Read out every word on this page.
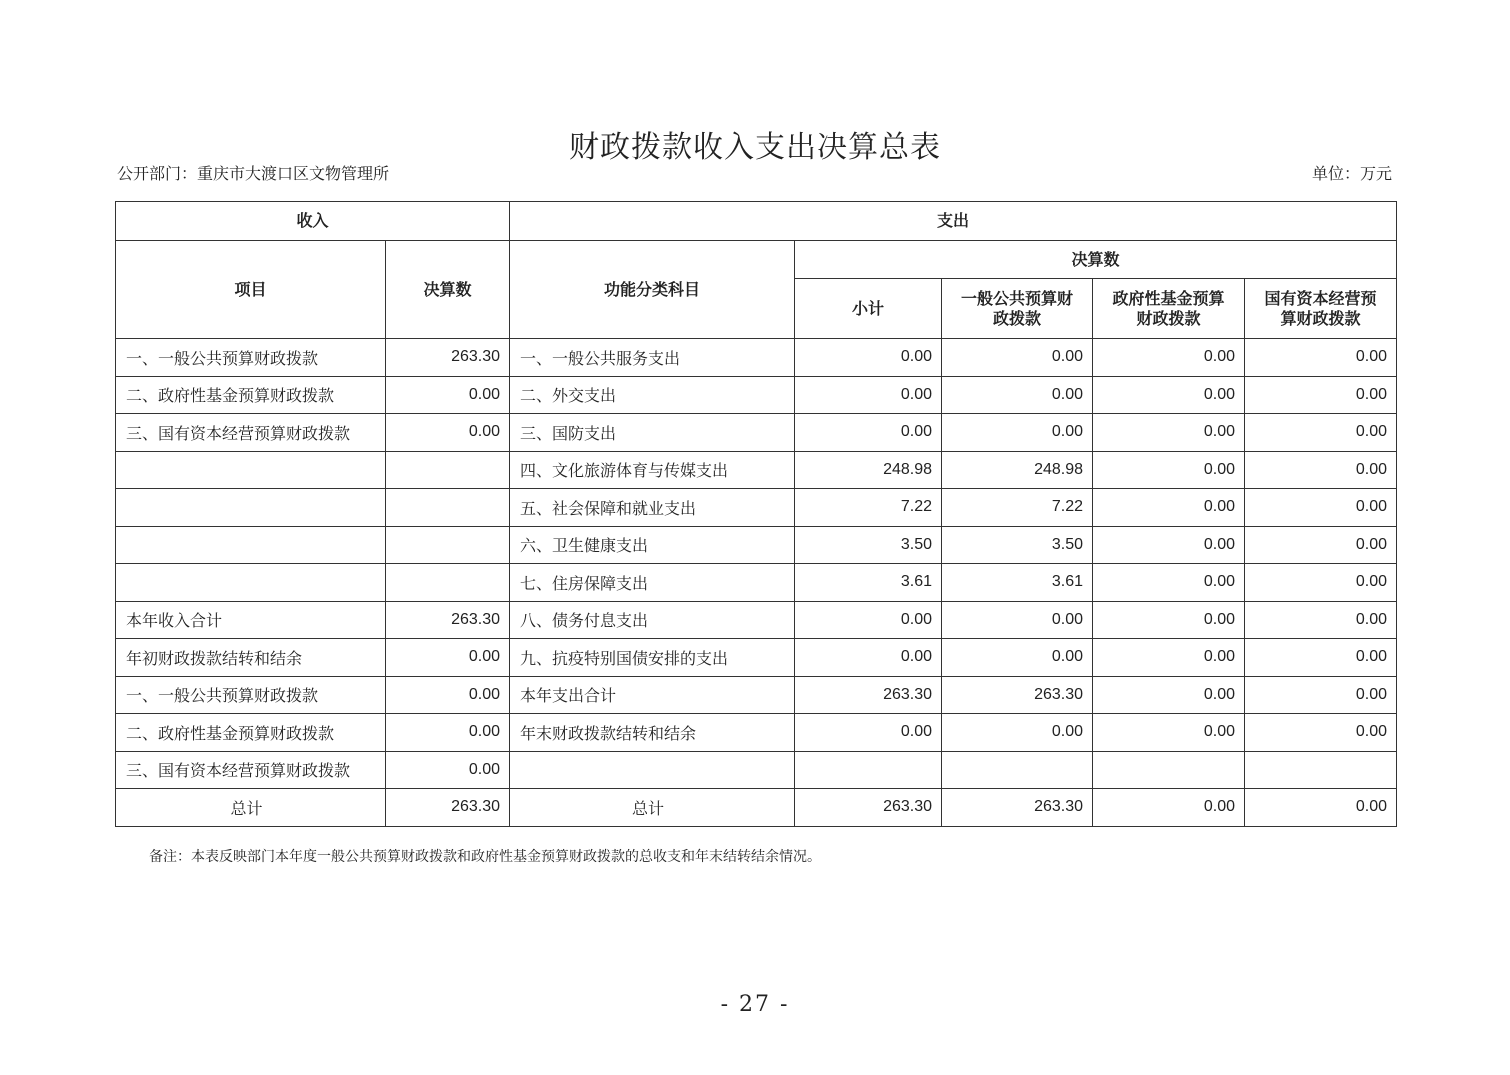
财政拨款收入支出决算总表
公开部门：重庆市大渡口区文物管理所	单位：万元
收入		支出				
项目	决算数	功能分类科目	决算数			
			小计	一般公共预算财政拨款	政府性基金预算财政拨款	国有资本经营预算财政拨款
一、一般公共预算财政拨款	263.30	一、一般公共服务支出	0.00	0.00	0.00	0.00
二、政府性基金预算财政拨款	0.00	二、外交支出	0.00	0.00	0.00	0.00
三、国有资本经营预算财政拨款	0.00	三、国防支出	0.00	0.00	0.00	0.00
		四、文化旅游体育与传媒支出	248.98	248.98	0.00	0.00
		五、社会保障和就业支出	7.22	7.22	0.00	0.00
		六、卫生健康支出	3.50	3.50	0.00	0.00
		七、住房保障支出	3.61	3.61	0.00	0.00
本年收入合计	263.30	八、债务付息支出	0.00	0.00	0.00	0.00
年初财政拨款结转和结余	0.00	九、抗疫特别国债安排的支出	0.00	0.00	0.00	0.00
一、一般公共预算财政拨款	0.00	本年支出合计	263.30	263.30	0.00	0.00
二、政府性基金预算财政拨款	0.00	年末财政拨款结转和结余	0.00	0.00	0.00	0.00
三、国有资本经营预算财政拨款	0.00					
总计	263.30	总计	263.30	263.30	0.00	0.00
备注：本表反映部门本年度一般公共预算财政拨款和政府性基金预算财政拨款的总收支和年末结转结余情况。
- 27 -
